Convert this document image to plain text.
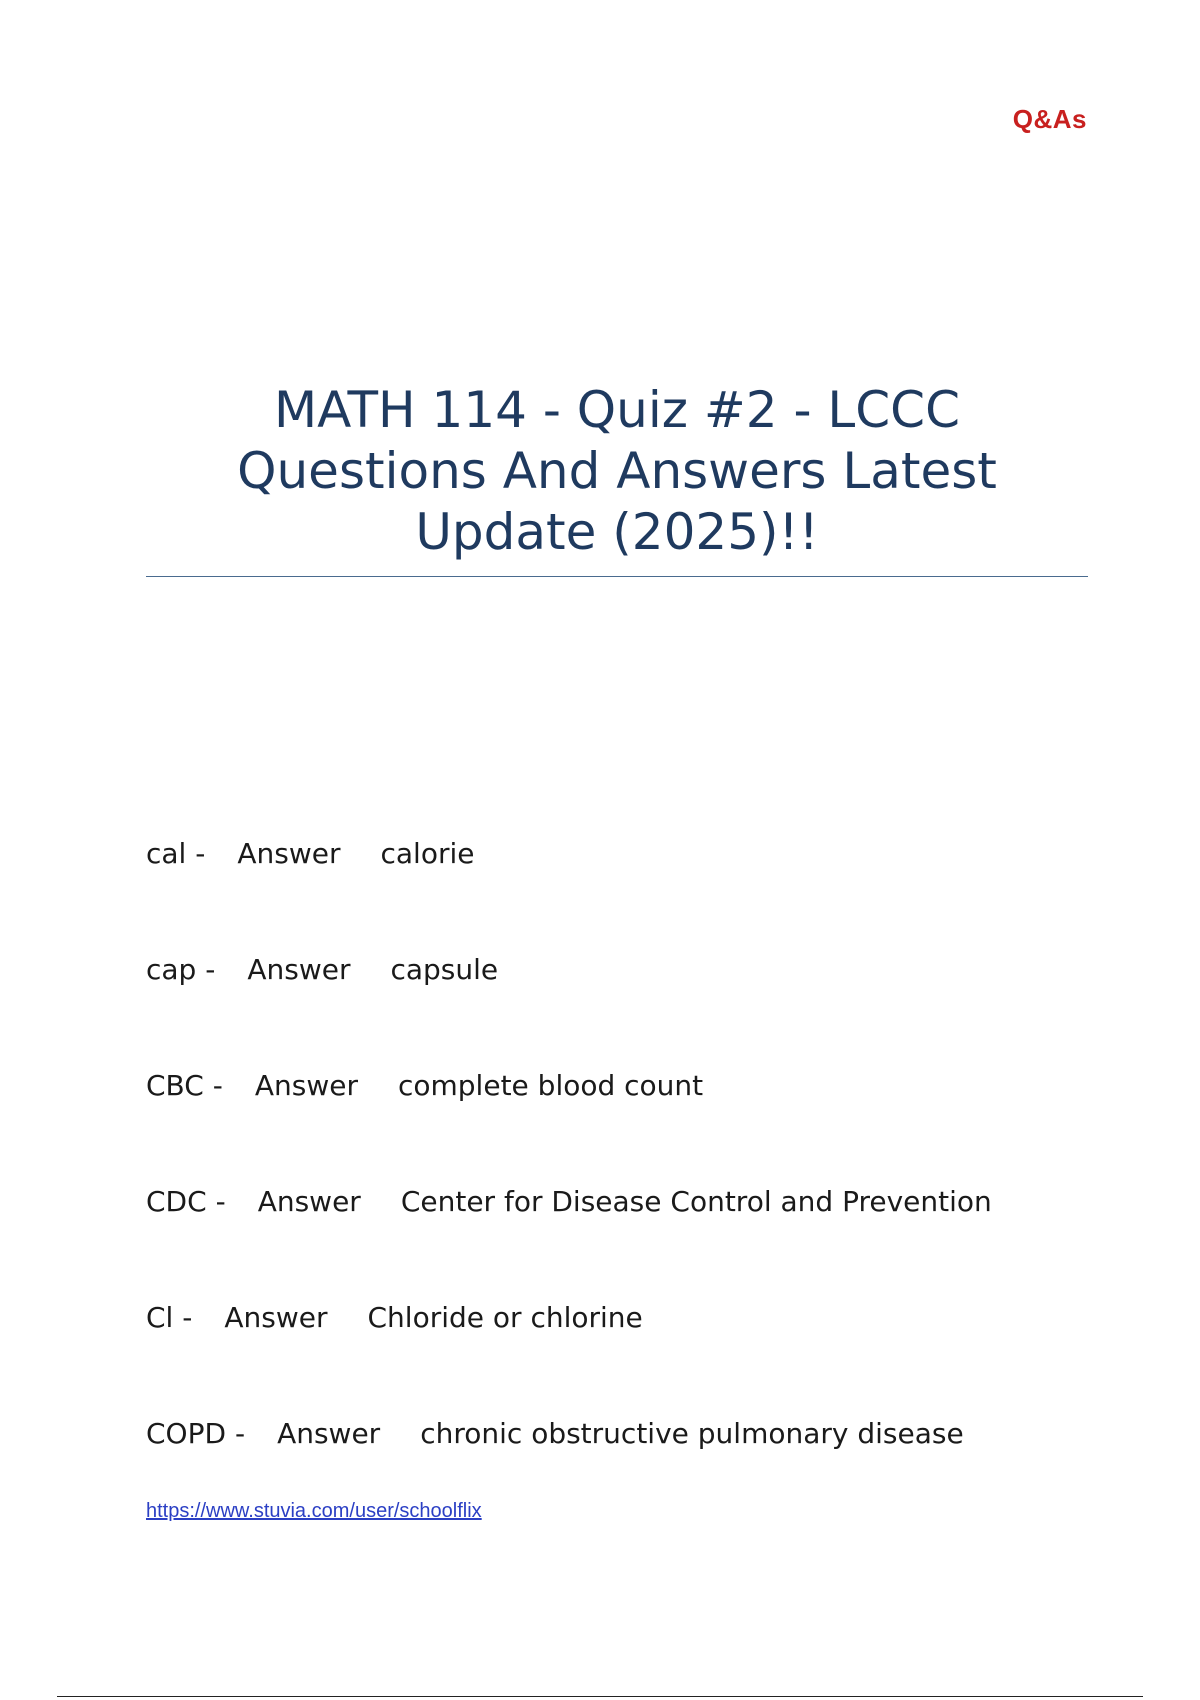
Q&As
MATH 114 - Quiz #2 - LCCC
Questions And Answers Latest
Update (2025)!!
cal - Answer calorie
cap - Answer capsule
CBC - Answer complete blood count
CDC - Answer Center for Disease Control and Prevention
Cl - Answer Chloride or chlorine
COPD - Answer chronic obstructive pulmonary disease
https://www.stuvia.com/user/schoolflix
